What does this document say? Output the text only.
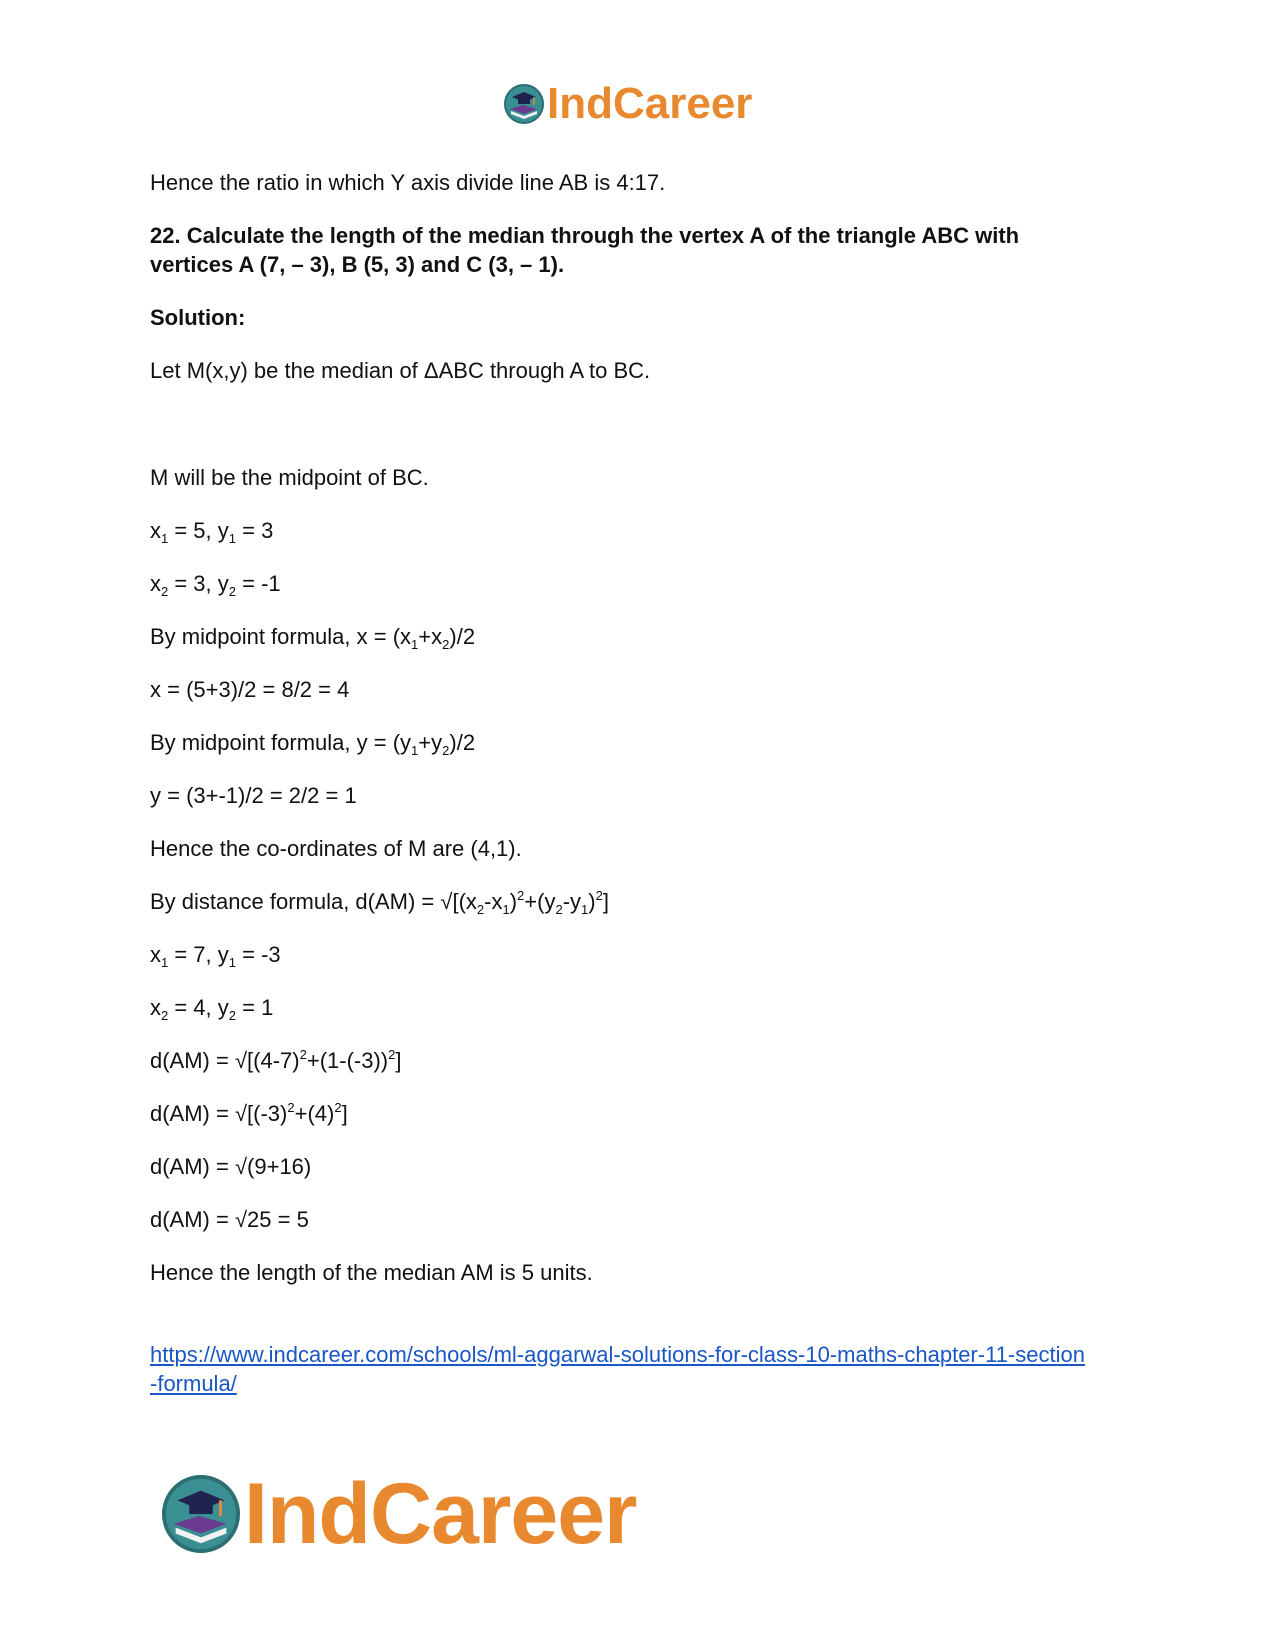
IndCareer
Hence the ratio in which Y axis divide line AB is 4:17.
22. Calculate the length of the median through the vertex A of the triangle ABC with
vertices A (7, – 3), B (5, 3) and C (3, – 1).
Solution:
Let M(x,y) be the median of ΔABC through A to BC.
M will be the midpoint of BC.
$x_1 = 5$, $y_1 = 3$
$x_2 = 3$, $y_2 = -1$
By midpoint formula, $x = (x_1+x_2)/2$
x = (5+3)/2 = 8/2 = 4
By midpoint formula, $y = (y_1+y_2)/2$
y = (3+-1)/2 = 2/2 = 1
Hence the co-ordinates of M are (4,1).
By distance formula, $d(AM) = √[(x_2-x_1)^2+(y_2-y_1)^2]$
$x_1 = 7$, $y_1 = -3$
$x_2 = 4$, $y_2 = 1$
$d(AM) = √[(4-7)^2+(1-(-3))^2]$
$d(AM) = √[(-3)^2+(4)^2]$
d(AM) = √(9+16)
d(AM) = √25 = 5
Hence the length of the median AM is 5 units.
https://www.indcareer.com/schools/ml-aggarwal-solutions-for-class-10-maths-chapter-11-section
-formula/
IndCareer
